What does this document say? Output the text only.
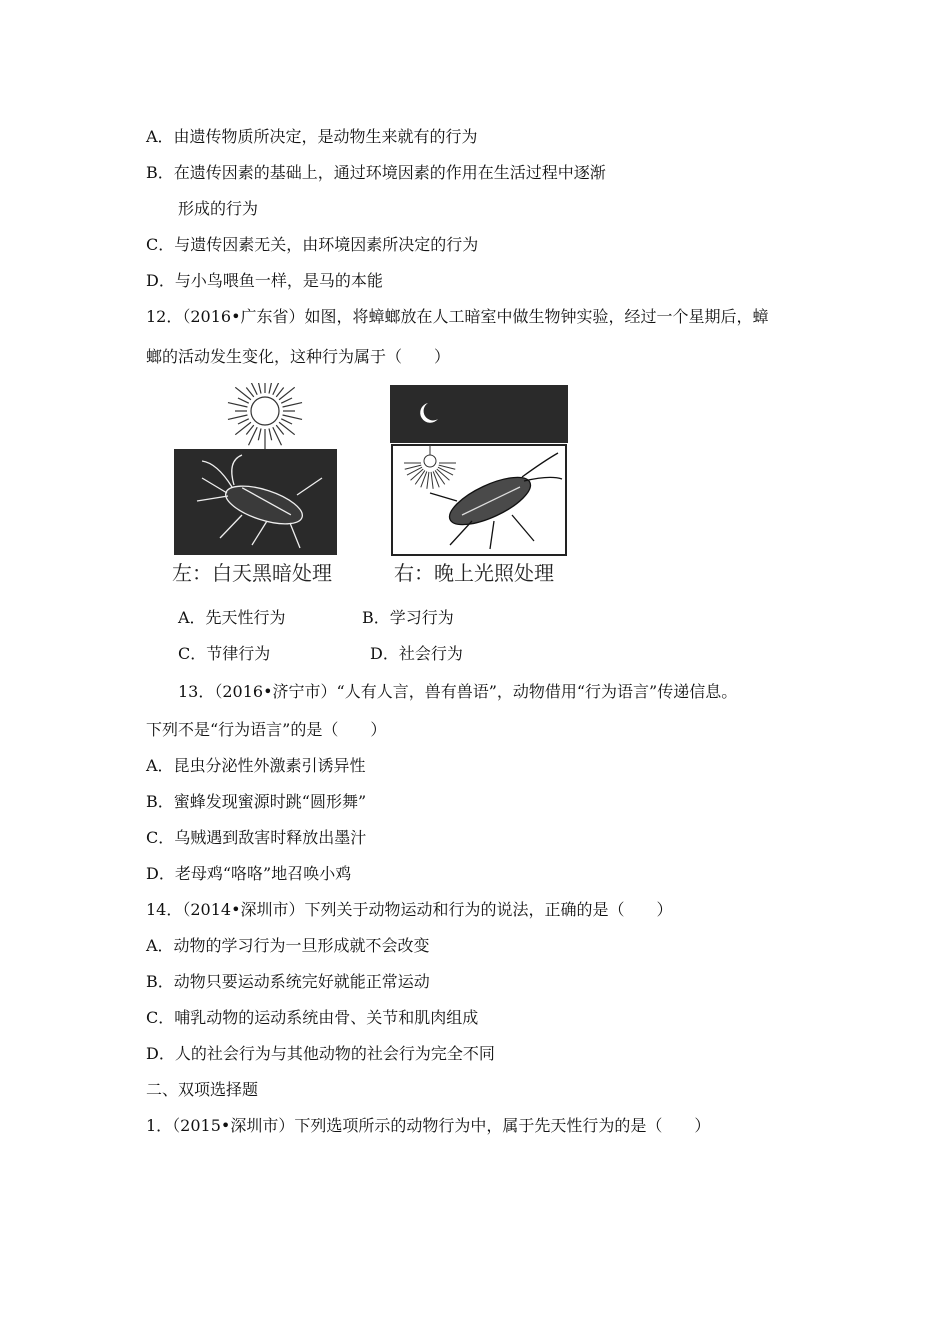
A．由遗传物质所决定，是动物生来就有的行为
B．在遗传因素的基础上，通过环境因素的作用在生活过程中逐渐
形成的行为
C．与遗传因素无关，由环境因素所决定的行为
D．与小鸟喂鱼一样，是马的本能
12．（2016•广东省）如图，将蟑螂放在人工暗室中做生物钟实验，经过一个星期后，蟑
螂的活动发生变化，这种行为属于（　　）
A．先天性行为	B．学习行为
C．节律行为	D．社会行为
13．（2016•济宁市）“人有人言，兽有兽语”，动物借用“行为语言”传递信息。
下列不是“行为语言”的是（　　）
A．昆虫分泌性外激素引诱异性
B．蜜蜂发现蜜源时跳“圆形舞”
C．乌贼遇到敌害时释放出墨汁
D．老母鸡“咯咯”地召唤小鸡
14．（2014•深圳市）下列关于动物运动和行为的说法，正确的是（　　）
A．动物的学习行为一旦形成就不会改变
B．动物只要运动系统完好就能正常运动
C．哺乳动物的运动系统由骨、关节和肌肉组成
D．人的社会行为与其他动物的社会行为完全不同
二、双项选择题
1．（2015•深圳市）下列选项所示的动物行为中，属于先天性行为的是（　　）
左：白天黑暗处理	右：晚上光照处理
